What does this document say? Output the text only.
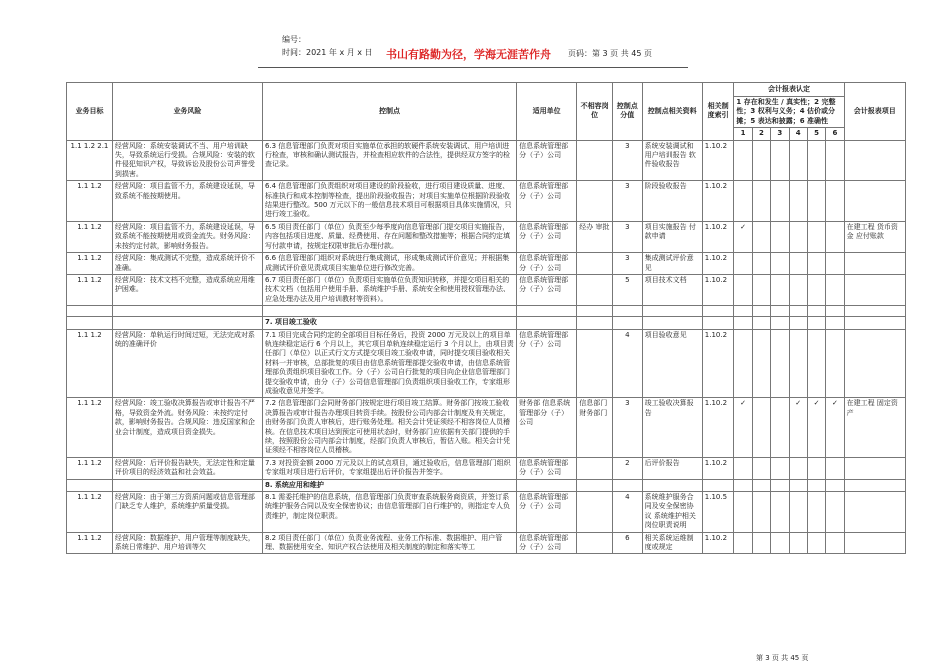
编号：
时间：2021 年 x 月 x 日 书山有路勤为径，学海无涯苦作舟 页码：第 3 页 共 45 页
业务目标	业务风险	控制点	适用单位	不相容岗位	控制点分值	控制点相关资料	相关制度索引	会计报表认定						会计报表项目
								1 存在和发生 / 真实性；2 完整性；3 权利与义务；4 估价或分摊；5 表达和披露；6 准确性						
								1	2	3	4	5	6	
1.1 1.2 2.1	经营风险：系统安装调试不当、用户培训缺失，导致系统运行受损。合规风险：安装的软件侵犯知识产权，导致诉讼及股份公司声誉受到损害。	6.3 信息管理部门负责对项目实施单位承担的软硬件系统安装调试、用户培训进行检查，审核和确认测试报告，并检查相应软件的合法性，提供经双方签字的检查记录。	信息系统管理部分（子）公司		3	系统安装调试和用户培训报告 软件验收报告	1.10.2							
1.1 1.2	经营风险：项目监管不力，系统建设延误，导致系统不能按期使用。	6.4 信息管理部门负责组织对项目建设的阶段验收，进行项目建设质量、进度、标准执行和成本控制等检查，提出阶段验收报告；对项目实施单位根据阶段验收结果进行整改。500 万元以下的一般信息技术项目可根据项目具体实施情况，只进行竣工验收。	信息系统管理部分（子）公司		3	阶段验收报告	1.10.2							
1.1 1.2	经营风险：项目监管不力，系统建设延误，导致系统不能按期使用或资金流失。财务风险：未按约定付款，影响财务报告。	6.5 项目责任部门（单位）负责至少每季度向信息管理部门提交项目实施报告，内容包括项目进度、质量、经费使用、存在问题和整改措施等；根据合同约定填写付款申请，按规定权限审批后办理付款。	信息系统管理部分（子）公司	经办 审批	3	项目实施报告 付款申请	1.10.2	✓						在建工程 货币资金 应付账款
1.1 1.2	经营风险：集成测试不完整，造成系统评价不准确。	6.6 信息管理部门组织对系统进行集成测试，形成集成测试评价意见；并根据集成测试评价意见责成项目实施单位进行修改完善。	信息系统管理部分（子）公司		3	集成测试评价意见	1.10.2							
1.1 1.2	经营风险：技术文档不完整，造成系统应用维护困难。	6.7 项目责任部门（单位）负责项目实施单位负责知识转移，并提交项目相关的技术文档（包括用户使用手册、系统维护手册、系统安全和使用授权管理办法、应急处理办法及用户培训教材等资料）。	信息系统管理部分（子）公司		5	项目技术文档	1.10.2							

		7. 项目竣工验收												
1.1 1.2	经营风险：单轨运行时间过短，无法完成对系统的准确评价	7.1 项目完成合同约定的全部项目目标任务后，投资 2000 万元及以上的项目单轨连续稳定运行 6 个月以上，其它项目单轨连续稳定运行 3 个月以上，由项目责任部门（单位）以正式行文方式提交项目竣工验收申请，同时提交项目验收相关材料一并审核，总部批复的项目由信息系统管理部提交验收申请，由信息系统管理部负责组织项目验收工作。分（子）公司自行批复的项目向企业信息管理部门提交验收申请，由分（子）公司信息管理部门负责组织项目验收工作，专家组形成验收意见并签字。	信息系统管理部分（子）公司		4	项目验收意见	1.10.2							
1.1 1.2	经营风险：竣工验收决算报告或审计报告不严格，导致资金外流。财务风险：未按约定付款，影响财务报告。合规风险：违反国家和企业会计制度，造成项目资金损失。	7.2 信息管理部门会同财务部门按规定进行项目竣工结算。财务部门按竣工验收决算报告或审计报告办理项目转资手续。按股份公司内部会计制度及有关规定，由财务部门负责人审核后，进行账务处理。相关会计凭证须经不相容岗位人员稽核。在信息技术项目达到预定可使用状态时，财务部门应依据有关部门提供的手续，按照股份公司内部会计制度，经部门负责人审核后，暂估入账。相关会计凭证须经不相容岗位人员稽核。	财务部 信息系统管理部分（子）公司	信息部门 财务部门	3	竣工验收决算报告	1.10.2	✓			✓	✓	✓	在建工程 固定资产
1.1 1.2	经营风险：后评价报告缺失，无法定性和定量评价项目的经济效益和社会效益。	7.3 对投资金额 2000 万元及以上的试点项目，通过验收后，信息管理部门组织专家组对项目进行后评价，专家组提出后评价报告并签字。	信息系统管理部分（子）公司		2	后评价报告	1.10.2							
		8. 系统应用和维护												
1.1 1.2	经营风险：由于第三方资质问题或信息管理部门缺乏专人维护，系统维护质量受损。	8.1 需委托维护的信息系统，信息管理部门负责审查系统服务商资质，并签订系统维护服务合同以及安全保密协议；由信息管理部门自行维护的，则指定专人负责维护，制定岗位职责。	信息系统管理部分（子）公司		4	系统维护服务合同及安全保密协议 系统维护相关岗位职责说明	1.10.5							
1.1 1.2	经营风险：数据维护、用户管理等制度缺失，系统日常维护、用户培训等欠	8.2 项目责任部门（单位）负责业务流程、业务工作标准、数据维护、用户管理、数据使用安全、知识产权合法使用及相关制度的制定和落实等工	信息系统管理部分（子）公司		6	相关系统运维制度或规定	1.10.2							
第 3 页 共 45 页
